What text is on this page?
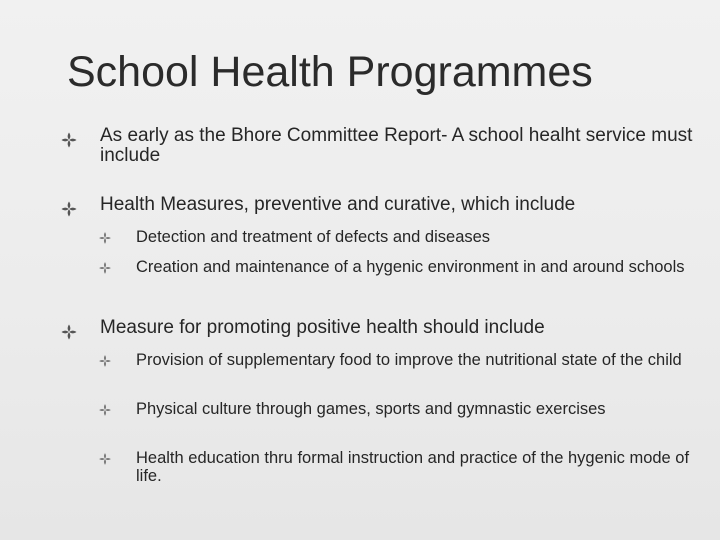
School Health Programmes
As early as the Bhore Committee Report- A school healht service must include
Health Measures, preventive and curative, which include
Detection and treatment of defects and diseases
Creation and maintenance of a hygenic environment in and around schools
Measure for promoting positive health should include
Provision of supplementary food to improve the nutritional state of the child
Physical culture through games, sports and gymnastic exercises
Health education thru formal instruction and practice of the hygenic mode of life.
